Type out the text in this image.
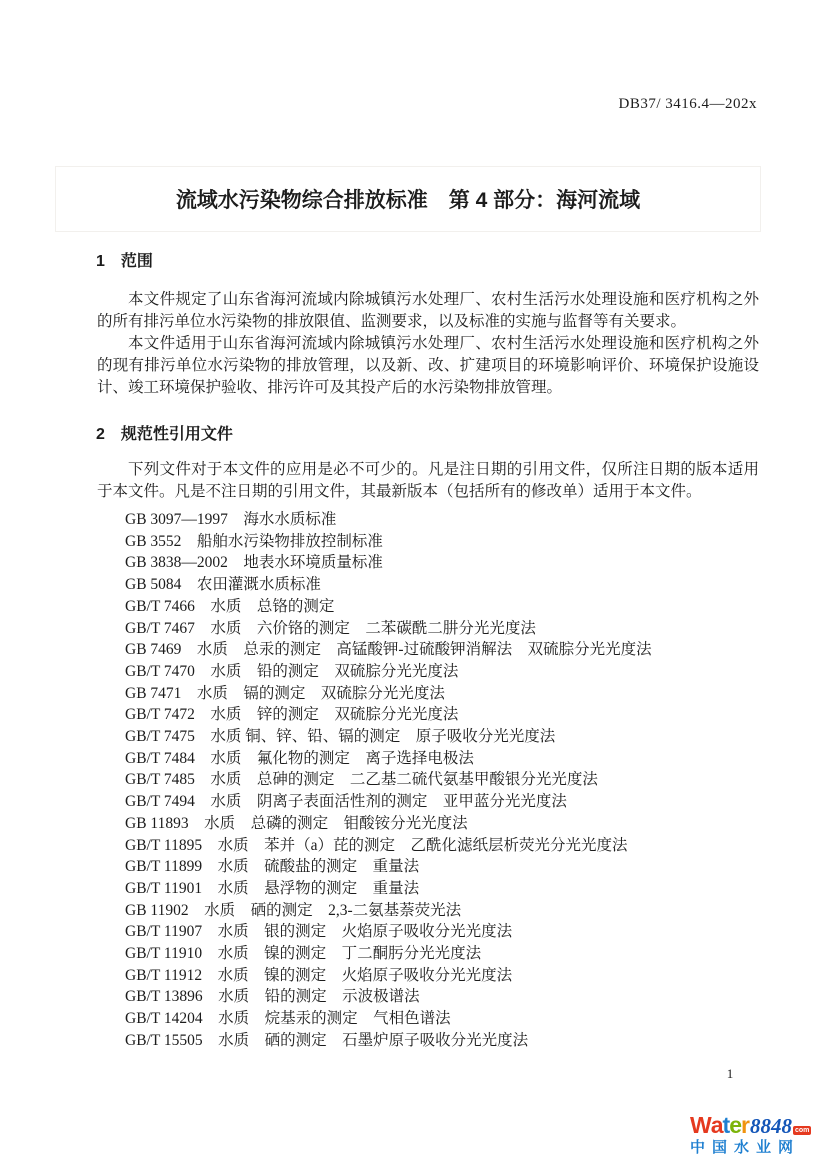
DB37/ 3416.4—202x
流域水污染物综合排放标准　第 4 部分：海河流域
1　范围

本文件规定了山东省海河流域内除城镇污水处理厂、农村生活污水处理设施和医疗机构之外的所有排污单位水污染物的排放限值、监测要求，以及标准的实施与监督等有关要求。

本文件适用于山东省海河流域内除城镇污水处理厂、农村生活污水处理设施和医疗机构之外的现有排污单位水污染物的排放管理，以及新、改、扩建项目的环境影响评价、环境保护设施设计、竣工环境保护验收、排污许可及其投产后的水污染物排放管理。

2　规范性引用文件

下列文件对于本文件的应用是必不可少的。凡是注日期的引用文件，仅所注日期的版本适用于本文件。凡是不注日期的引用文件，其最新版本（包括所有的修改单）适用于本文件。

GB 3097—1997　海水水质标准
GB 3552　船舶水污染物排放控制标准
GB 3838—2002　地表水环境质量标准
GB 5084　农田灌溉水质标准
GB/T 7466　水质　总铬的测定
GB/T 7467　水质　六价铬的测定　二苯碳酰二肼分光光度法
GB 7469　水质　总汞的测定　高锰酸钾-过硫酸钾消解法　双硫腙分光光度法
GB/T 7470　水质　铅的测定　双硫腙分光光度法
GB 7471　水质　镉的测定　双硫腙分光光度法
GB/T 7472　水质　锌的测定　双硫腙分光光度法
GB/T 7475　水质 铜、锌、铅、镉的测定　原子吸收分光光度法
GB/T 7484　水质　氟化物的测定　离子选择电极法
GB/T 7485　水质　总砷的测定　二乙基二硫代氨基甲酸银分光光度法
GB/T 7494　水质　阴离子表面活性剂的测定　亚甲蓝分光光度法
GB 11893　水质　总磷的测定　钼酸铵分光光度法
GB/T 11895　水质　苯并（a）芘的测定　乙酰化滤纸层析荧光分光光度法
GB/T 11899　水质　硫酸盐的测定　重量法
GB/T 11901　水质　悬浮物的测定　重量法
GB 11902　水质　硒的测定　2,3-二氨基萘荧光法
GB/T 11907　水质　银的测定　火焰原子吸收分光光度法
GB/T 11910　水质　镍的测定　丁二酮肟分光光度法
GB/T 11912　水质　镍的测定　火焰原子吸收分光光度法
GB/T 13896　水质　铅的测定　示波极谱法
GB/T 14204　水质　烷基汞的测定　气相色谱法
GB/T 15505　水质　硒的测定　石墨炉原子吸收分光光度法
1
W a t e r 8848 com
中国水业网
